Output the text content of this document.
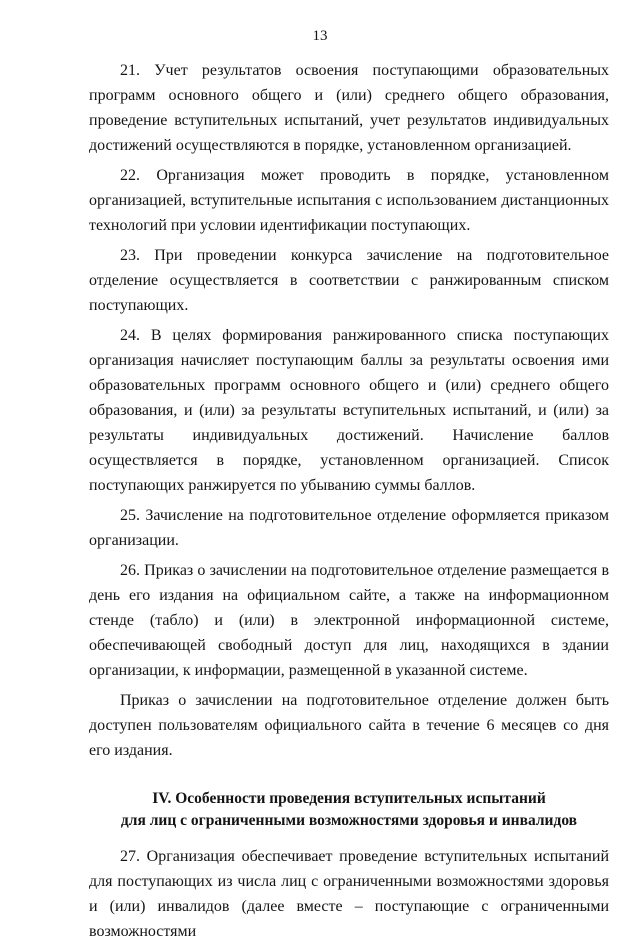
13

21. Учет результатов освоения поступающими образовательных программ основного общего и (или) среднего общего образования, проведение вступительных испытаний, учет результатов индивидуальных достижений осуществляются в порядке, установленном организацией.

22. Организация может проводить в порядке, установленном организацией, вступительные испытания с использованием дистанционных технологий при условии идентификации поступающих.

23. При проведении конкурса зачисление на подготовительное отделение осуществляется в соответствии с ранжированным списком поступающих.

24. В целях формирования ранжированного списка поступающих организация начисляет поступающим баллы за результаты освоения ими образовательных программ основного общего и (или) среднего общего образования, и (или) за результаты вступительных испытаний, и (или) за результаты индивидуальных достижений. Начисление баллов осуществляется в порядке, установленном организацией. Список поступающих ранжируется по убыванию суммы баллов.

25. Зачисление на подготовительное отделение оформляется приказом организации.

26. Приказ о зачислении на подготовительное отделение размещается в день его издания на официальном сайте, а также на информационном стенде (табло) и (или) в электронной информационной системе, обеспечивающей свободный доступ для лиц, находящихся в здании организации, к информации, размещенной в указанной системе.

Приказ о зачислении на подготовительное отделение должен быть доступен пользователям официального сайта в течение 6 месяцев со дня его издания.

IV. Особенности проведения вступительных испытаний
для лиц с ограниченными возможностями здоровья и инвалидов

27. Организация обеспечивает проведение вступительных испытаний для поступающих из числа лиц с ограниченными возможностями здоровья и (или) инвалидов (далее вместе – поступающие с ограниченными возможностями
